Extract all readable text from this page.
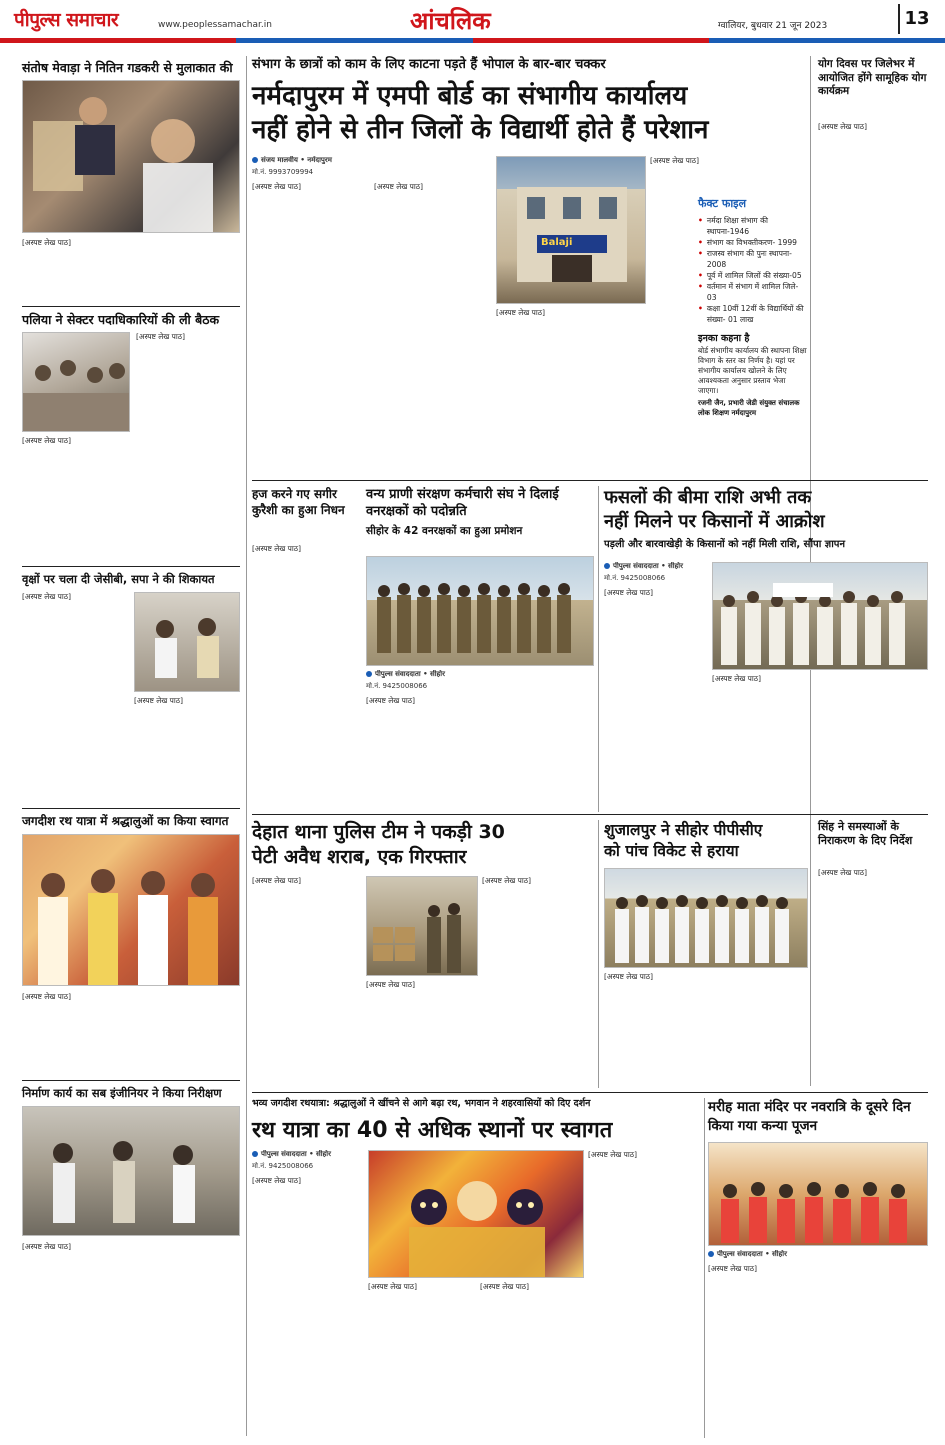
पीपुल्स समाचार	www.peoplessamachar.in	आंचलिक	ग्वालियर, बुधवार 21 जून 2023	13
संतोष मेवाड़ा ने नितिन गडकरी से मुलाकात की
[अस्पष्ट लेख पाठ]
पलिया ने सेक्टर पदाधिकारियों की ली बैठक
[अस्पष्ट लेख पाठ]
[अस्पष्ट लेख पाठ]
वृक्षों पर चला दी जेसीबी, सपा ने की शिकायत
[अस्पष्ट लेख पाठ]
[अस्पष्ट लेख पाठ]
जगदीश रथ यात्रा में श्रद्धालुओं का किया स्वागत
[अस्पष्ट लेख पाठ]
निर्माण कार्य का सब इंजीनियर ने किया निरीक्षण
[अस्पष्ट लेख पाठ]
संभाग के छात्रों को काम के लिए काटना पड़ते हैं भोपाल के बार-बार चक्कर
नर्मदापुरम में एमपी बोर्ड का संभागीय कार्यालय
नहीं होने से तीन जिलों के विद्यार्थी होते हैं परेशान
संजय मालवीय • नर्मदापुरम
मो.नं. 9993709994
[अस्पष्ट लेख पाठ]	[अस्पष्ट लेख पाठ]
Balaji
[अस्पष्ट लेख पाठ]
[अस्पष्ट लेख पाठ]
फैक्ट फाइल
• नर्मदा शिक्षा संभाग की स्थापना-1946
• संभाग का विभक्तीकरण- 1999
• राजस्व संभाग की पुनः स्थापना- 2008
• पूर्व में शामिल जिलों की संख्या-05
• वर्तमान में संभाग में शामिल जिले- 03
• कक्षा 10वीं 12वीं के विद्यार्थियों की संख्या- 01 लाख
इनका कहना है
बोर्ड संभागीय कार्यालय की स्थापना शिक्षा विभाग के स्तर का निर्णय है। यहां पर संभागीय कार्यालय खोलने के लिए आवश्यकता अनुसार प्रस्ताव भेजा जाएगा।
रजनी जैन, प्रभारी जेडी संयुक्त संचालक लोक शिक्षण नर्मदापुरम
योग दिवस पर जिलेभर में आयोजित होंगे सामूहिक योग कार्यक्रम
[अस्पष्ट लेख पाठ]
हज करने गए सगीर कुरैशी का हुआ निधन
[अस्पष्ट लेख पाठ]
वन्य प्राणी संरक्षण कर्मचारी संघ ने दिलाई वनरक्षकों को पदोन्नति
सीहोर के 42 वनरक्षकों का हुआ प्रमोशन
पीपुल्स संवाददाता • सीहोर
मो.नं. 9425008066
[अस्पष्ट लेख पाठ]
फसलों की बीमा राशि अभी तक
नहीं मिलने पर किसानों में आक्रोश
पड़ली और बारवाखेड़ी के किसानों को नहीं मिली राशि, सौंपा ज्ञापन
पीपुल्स संवाददाता • सीहोर
मो.नं. 9425008066
[अस्पष्ट लेख पाठ]
[अस्पष्ट लेख पाठ]
देहात थाना पुलिस टीम ने पकड़ी 30
पेटी अवैध शराब, एक गिरफ्तार
[अस्पष्ट लेख पाठ]
[अस्पष्ट लेख पाठ]
[अस्पष्ट लेख पाठ]
शुजालपुर ने सीहोर पीपीसीए
को पांच विकेट से हराया
[अस्पष्ट लेख पाठ]
सिंह ने समस्याओं के निराकरण के दिए निर्देश
[अस्पष्ट लेख पाठ]
भव्य जगदीश रथयात्रा: श्रद्धालुओं ने खींचने से आगे बढ़ा रथ, भगवान ने शहरवासियों को दिए दर्शन
रथ यात्रा का 40 से अधिक स्थानों पर स्वागत
पीपुल्स संवाददाता • सीहोर
मो.नं. 9425008066
[अस्पष्ट लेख पाठ]
[अस्पष्ट लेख पाठ]	[अस्पष्ट लेख पाठ]
[अस्पष्ट लेख पाठ]
मरीह माता मंदिर पर नवरात्रि के दूसरे दिन किया गया कन्या पूजन
पीपुल्स संवाददाता • सीहोर
[अस्पष्ट लेख पाठ]
